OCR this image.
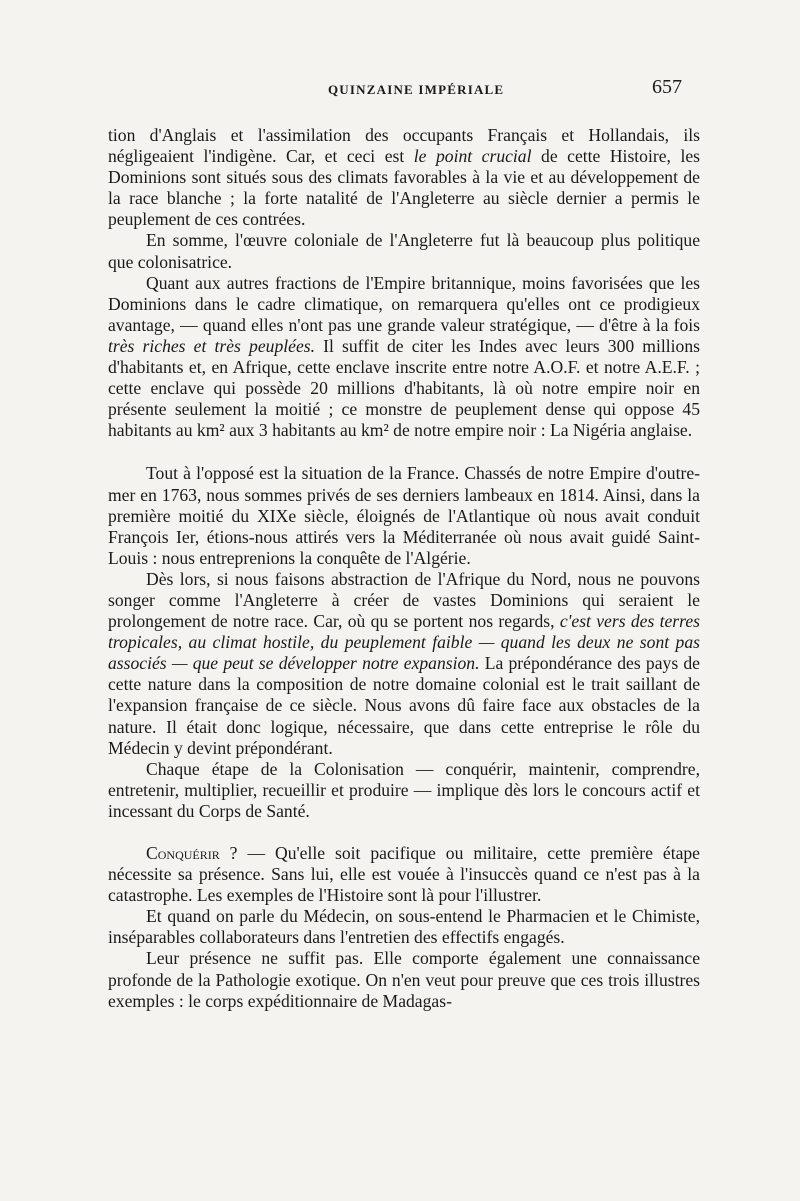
QUINZAINE IMPÉRIALE	657

tion d'Anglais et l'assimilation des occupants Français et Hollandais, ils négligeaient l'indigène. Car, et ceci est le point crucial de cette Histoire, les Dominions sont situés sous des climats favorables à la vie et au développement de la race blanche ; la forte natalité de l'Angleterre au siècle dernier a permis le peuplement de ces contrées.

En somme, l'œuvre coloniale de l'Angleterre fut là beaucoup plus politique que colonisatrice.

Quant aux autres fractions de l'Empire britannique, moins favorisées que les Dominions dans le cadre climatique, on remarquera qu'elles ont ce prodigieux avantage, — quand elles n'ont pas une grande valeur stratégique, — d'être à la fois très riches et très peuplées. Il suffit de citer les Indes avec leurs 300 millions d'habitants et, en Afrique, cette enclave inscrite entre notre A.O.F. et notre A.E.F. ; cette enclave qui possède 20 millions d'habitants, là où notre empire noir en présente seulement la moitié ; ce monstre de peuplement dense qui oppose 45 habitants au km² aux 3 habitants au km² de notre empire noir : La Nigéria anglaise.

Tout à l'opposé est la situation de la France. Chassés de notre Empire d'outre-mer en 1763, nous sommes privés de ses derniers lambeaux en 1814. Ainsi, dans la première moitié du XIXe siècle, éloignés de l'Atlantique où nous avait conduit François Ier, étions-nous attirés vers la Méditerranée où nous avait guidé Saint-Louis : nous entreprenions la conquête de l'Algérie.

Dès lors, si nous faisons abstraction de l'Afrique du Nord, nous ne pouvons songer comme l'Angleterre à créer de vastes Dominions qui seraient le prolongement de notre race. Car, où qu se portent nos regards, c'est vers des terres tropicales, au climat hostile, du peuplement faible — quand les deux ne sont pas associés — que peut se développer notre expansion. La prépondérance des pays de cette nature dans la composition de notre domaine colonial est le trait saillant de l'expansion française de ce siècle. Nous avons dû faire face aux obstacles de la nature. Il était donc logique, nécessaire, que dans cette entreprise le rôle du Médecin y devint prépondérant.

Chaque étape de la Colonisation — conquérir, maintenir, comprendre, entretenir, multiplier, recueillir et produire — implique dès lors le concours actif et incessant du Corps de Santé.

Conquérir ? — Qu'elle soit pacifique ou militaire, cette première étape nécessite sa présence. Sans lui, elle est vouée à l'insuccès quand ce n'est pas à la catastrophe. Les exemples de l'Histoire sont là pour l'illustrer.

Et quand on parle du Médecin, on sous-entend le Pharmacien et le Chimiste, inséparables collaborateurs dans l'entretien des effectifs engagés.

Leur présence ne suffit pas. Elle comporte également une connaissance profonde de la Pathologie exotique. On n'en veut pour preuve que ces trois illustres exemples : le corps expéditionnaire de Madagas-
